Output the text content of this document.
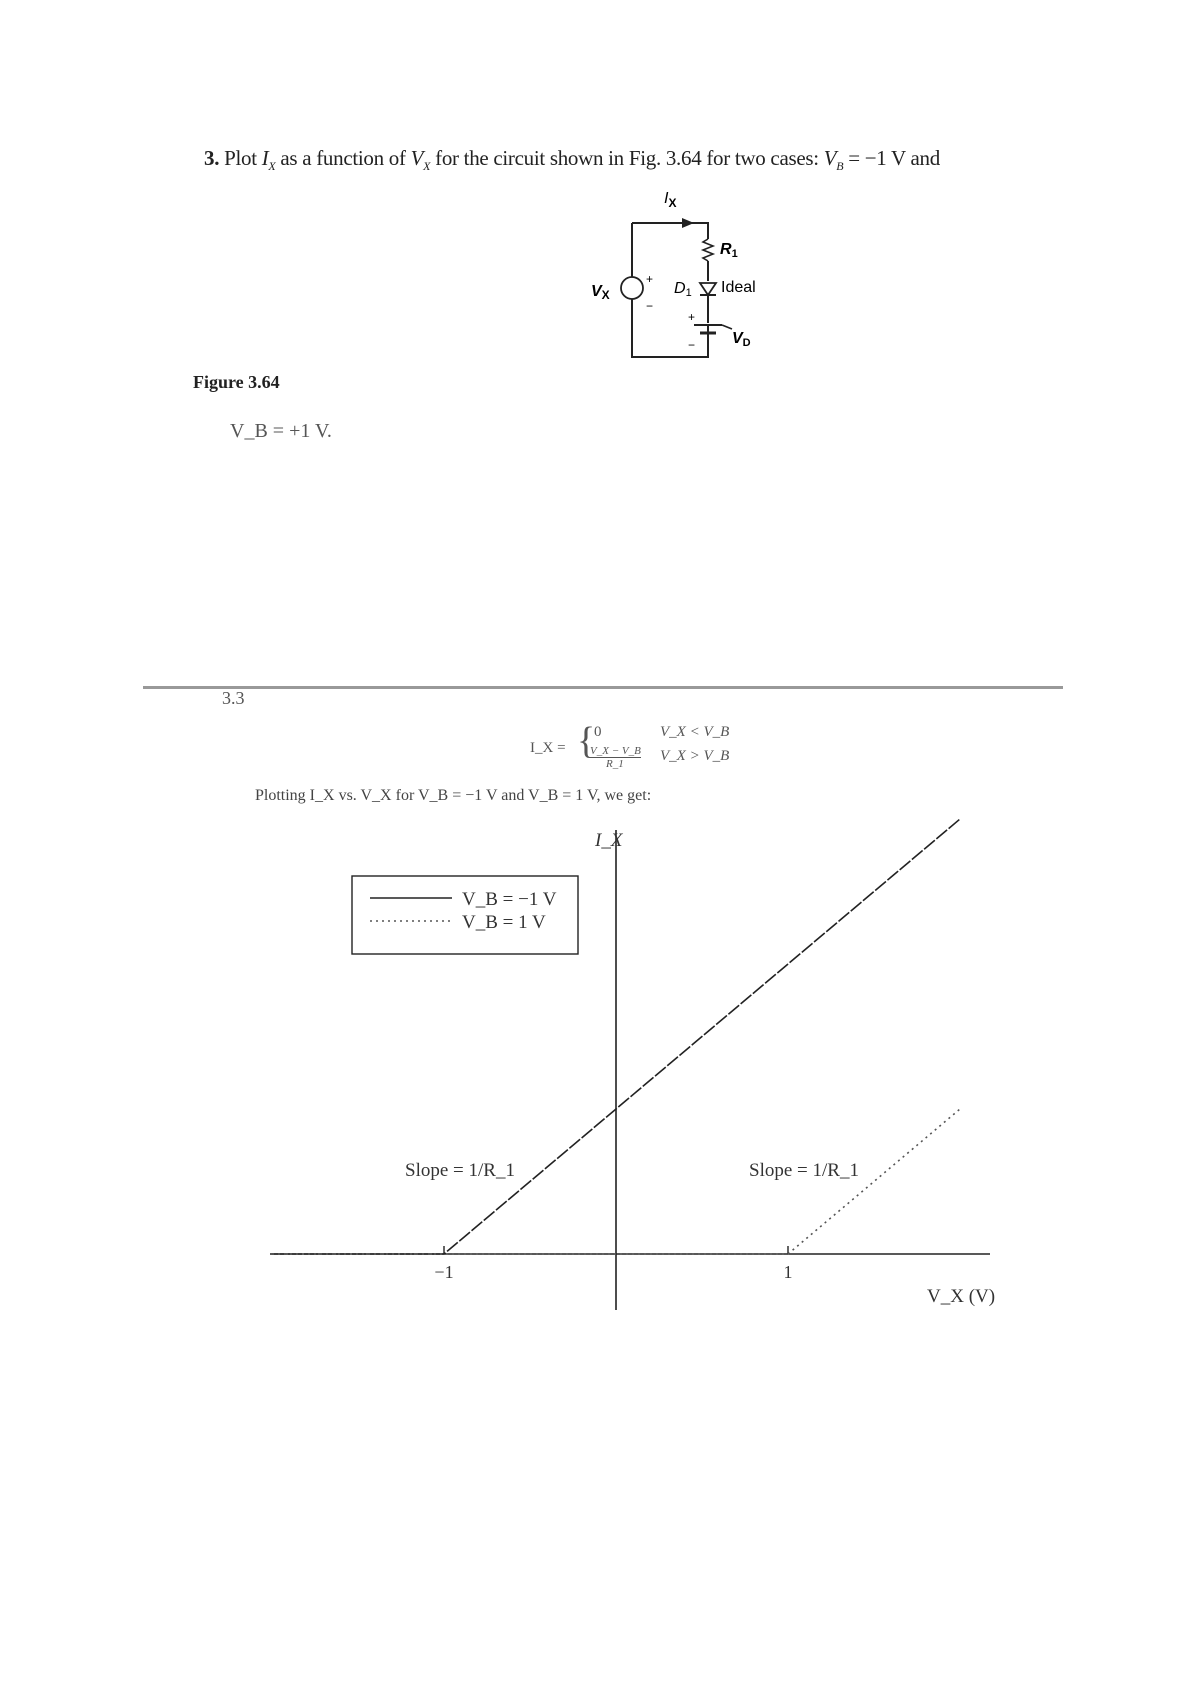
3. Plot $I_X$ as a function of $V_X$ for the circuit shown in Fig. 3.64 for two cases: $V_B = -1$ V and
$I_X$
R1
D1 Ideal
VX
+
−
+
− VD
Figure 3.64
V_B = +1 V.
3.3
I_X = {
0	V_X < V_B
V_X − V_B
R_1 V_X > V_B
Plotting I_X vs. V_X for V_B = −1 V and V_B = 1 V, we get:
−1	1
I_X
V_X (V)
Slope = 1/R_1	Slope = 1/R_1
V_B = −1 V
V_B = 1 V
